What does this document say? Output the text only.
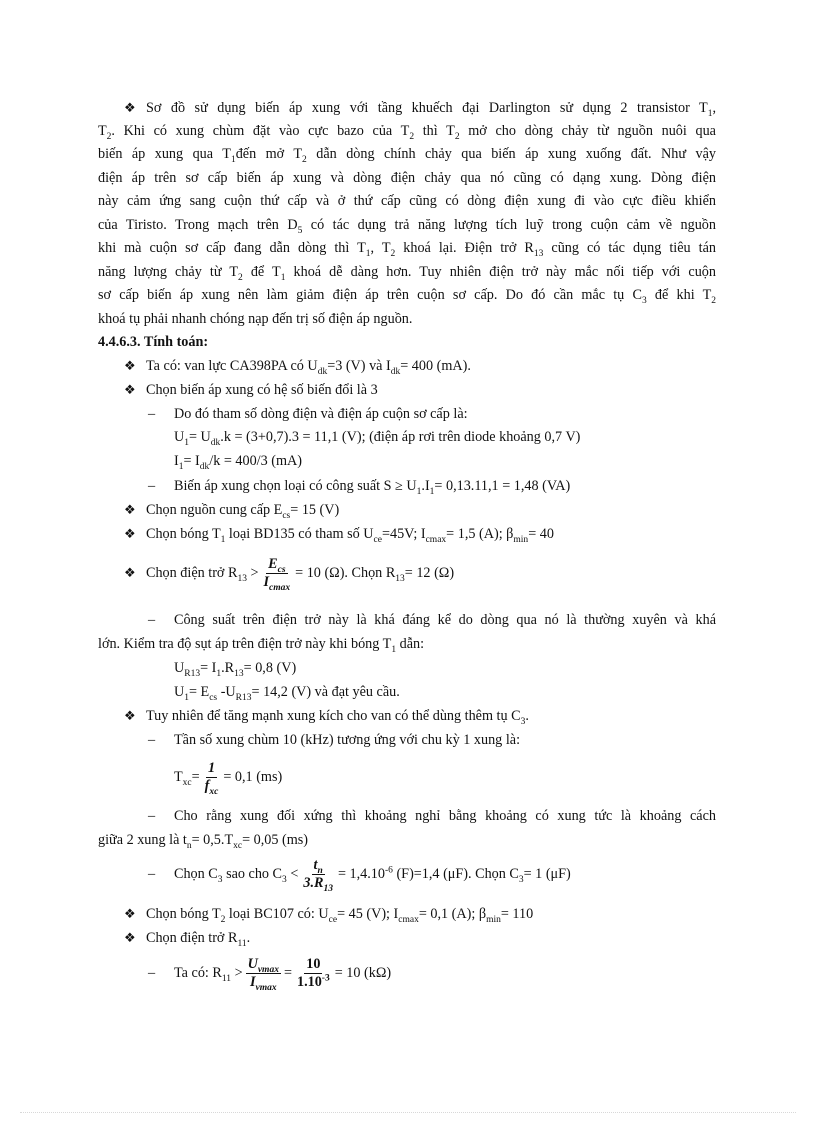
❖ Sơ đồ sử dụng biến áp xung với tầng khuếch đại Darlington sử dụng 2 transistor $T_1$,
$T_2$. Khi có xung chùm đặt vào cực bazo của $T_2$ thì $T_2$ mở cho dòng chảy từ nguồn nuôi qua
biến áp xung qua $T_1đến$ mở $T_2$ dẫn dòng chính chảy qua biến áp xung xuống đất. Như vậy
điện áp trên sơ cấp biến áp xung và dòng điện chảy qua nó cũng có dạng xung. Dòng điện
này cảm ứng sang cuộn thứ cấp và ở thứ cấp cũng có dòng điện xung đi vào cực điều khiển
của Tiristo. Trong mạch trên $D_5$ có tác dụng trả năng lượng tích luỹ trong cuộn cảm về nguồn
khi mà cuộn sơ cấp đang dẫn dòng thì $T_1$, $T_2$ khoá lại. Điện trở $R_{13}$ cũng có tác dụng tiêu tán
năng lượng chảy từ $T_2$ để $T_1$ khoá dễ dàng hơn. Tuy nhiên điện trở này mắc nối tiếp với cuộn
sơ cấp biến áp xung nên làm giảm điện áp trên cuộn sơ cấp. Do đó cần mắc tụ $C_3$ để khi $T_2$
khoá tụ phải nhanh chóng nạp đến trị số điện áp nguồn.
4.4.6.3. Tính toán:
❖ Ta có: van lực CA398PA có $U_{dk}=3$ (V) và $I_{dk}= 400$ (mA).
❖ Chọn biến áp xung có hệ số biến đổi là 3
– Do đó tham số dòng điện và điện áp cuộn sơ cấp là:
$U_1= U_{dk}.k = (3+0,7).3 = 11,1$ (V); (điện áp rơi trên diode khoảng 0,7 V)
$I_1= I_{dk}/k = 400/3$ (mA)
– Biến áp xung chọn loại có công suất $S \ge U_1.I_1= 0,13.11,1 = 1,48$ (VA)
❖ Chọn nguồn cung cấp $E_{cs}= 15$ (V)
❖ Chọn bóng $T_1$ loại BD135 có tham số $U_{ce}=45V$; $I_{cmax}= 1,5$ (A); $\beta_{min}= 40$
❖ Chọn điện trở $R_{13} > \frac{E_{cs}}{I_{cmax}} = 10$ (Ω). Chọn $R_{13}= 12$ (Ω)
– Công suất trên điện trở này là khá đáng kể do dòng qua nó là thường xuyên và khá
lớn. Kiểm tra độ sụt áp trên điện trở này khi bóng $T_1$ dẫn:
$U_{R13}= I_1.R_{13}= 0,8$ (V)
$U_1= E_{cs}$ $-U_{R13}= 14,2$ (V) và đạt yêu cầu.
❖ Tuy nhiên để tăng mạnh xung kích cho van có thể dùng thêm tụ $C_3$.
– Tần số xung chùm 10 (kHz) tương ứng với chu kỳ 1 xung là:
$T_{xc}= \frac{1}{f_{xc}} = 0,1$ (ms)
– Cho rằng xung đối xứng thì khoảng nghỉ bằng khoảng có xung tức là khoảng cách
giữa 2 xung là $t_n= 0,5.T_{xc}= 0,05$ (ms)
– Chọn $C_3$ sao cho $C_3 < \frac{t_n}{3.R_{13}} = 1,4.10^{-6}$ (F)=1,4 (μF). Chọn $C_3= 1$ (μF)
❖ Chọn bóng $T_2$ loại BC107 có: $U_{ce}= 45$ (V); $I_{cmax}= 0,1$ (A); $\beta_{min}= 110$
❖ Chọn điện trở $R_{11}$.
– Ta có: $R_{11} > \frac{U_{vmax}}{I_{vmax}} = \frac{10}{1.10^{-3}} = 10$ (kΩ)
